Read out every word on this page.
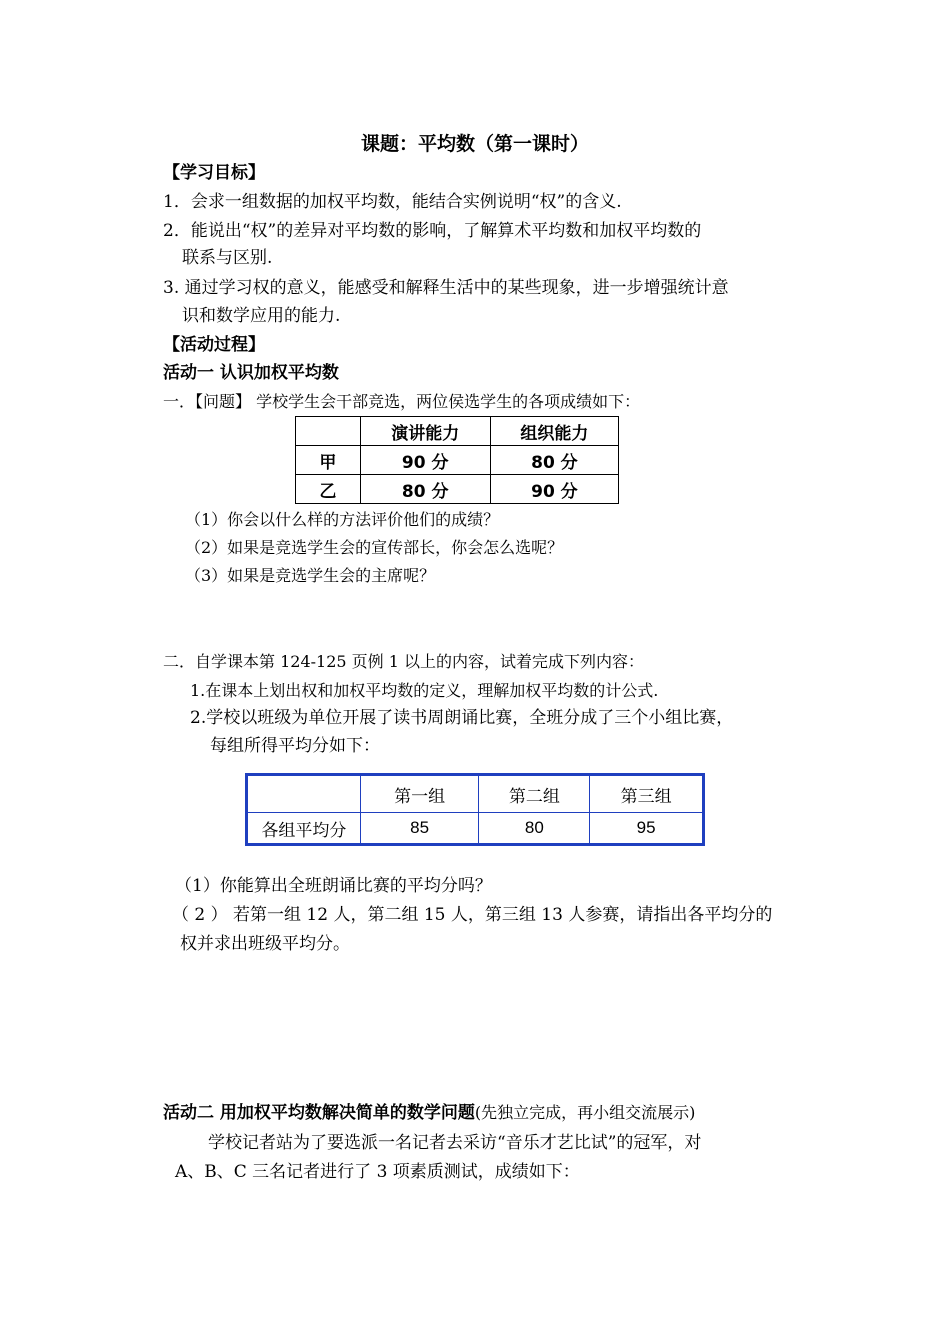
课题：平均数（第一课时）
【学习目标】
1．会求一组数据的加权平均数，能结合实例说明“权”的含义.
2．能说出“权”的差异对平均数的影响，了解算术平均数和加权平均数的
联系与区别.
3. 通过学习权的意义，能感受和解释生活中的某些现象，进一步增强统计意
识和数学应用的能力.
【活动过程】
活动一 认识加权平均数
一．【问题】 学校学生会干部竞选，两位侯选学生的各项成绩如下：
	演讲能力	组织能力
甲	90 分	80 分
乙	80 分	90 分
（1）你会以什么样的方法评价他们的成绩？
（2）如果是竞选学生会的宣传部长，你会怎么选呢？
（3）如果是竞选学生会的主席呢？
二．自学课本第 124-125 页例 1 以上的内容，试着完成下列内容：
1.在课本上划出权和加权平均数的定义，理解加权平均数的计公式.
2.学校以班级为单位开展了读书周朗诵比赛，全班分成了三个小组比赛，
每组所得平均分如下：
	第一组	第二组	第三组
各组平均分	85	80	95
（1）你能算出全班朗诵比赛的平均分吗？
（ 2 ） 若第一组 12 人，第二组 15 人，第三组 13 人参赛，请指出各平均分的
权并求出班级平均分。
活动二 用加权平均数解决简单的数学问题(先独立完成，再小组交流展示)
学校记者站为了要选派一名记者去采访“音乐才艺比试”的冠军，对
A、B、C 三名记者进行了 3 项素质测试，成绩如下：
